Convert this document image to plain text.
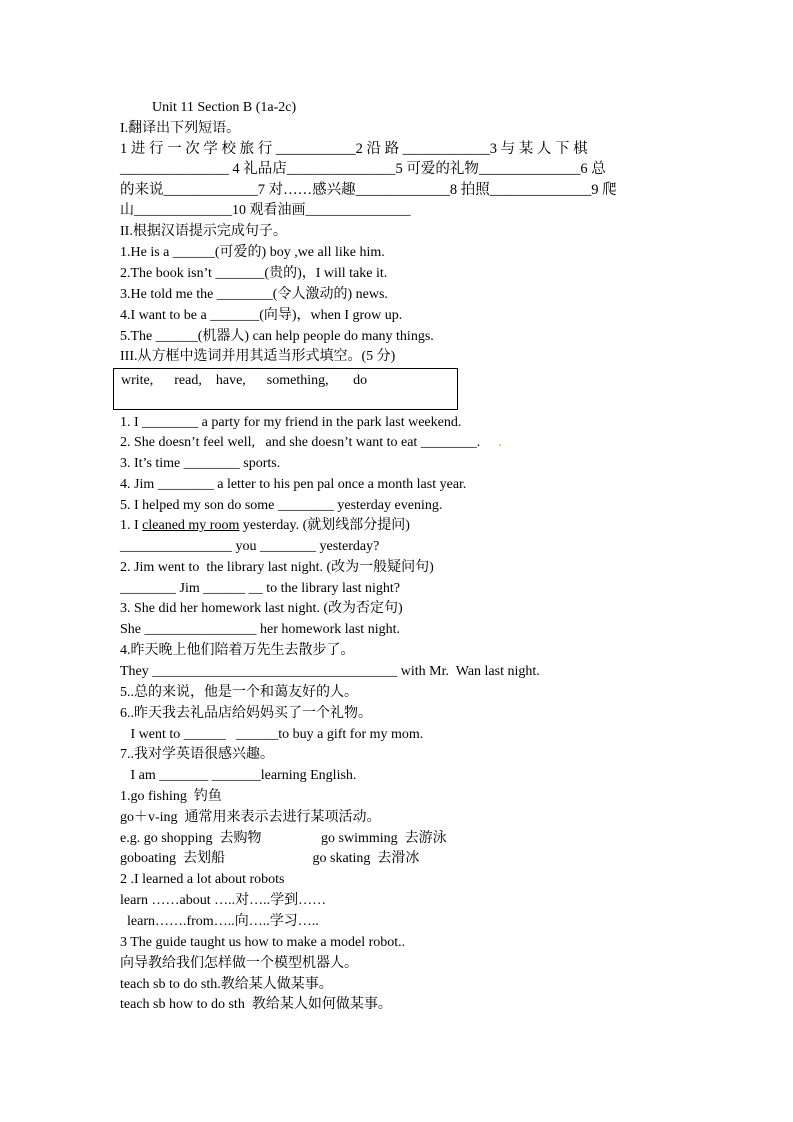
Unit 11 Section B (1a-2c)
I.翻译出下列短语。
1 进 行 一 次 学 校 旅 行 ___________2 沿 路 ____________3 与 某 人 下 棋
_______________ 4 礼品店_______________5 可爱的礼物______________6 总
的来说_____________7 对……感兴趣_____________8 拍照______________9 爬
山______________10 观看油画_______________
II.根据汉语提示完成句子。
1.He is a ______(可爱的) boy ,we all like him.
2.The book isn’t _______(贵的)，I will take it.
3.He told me the ________(令人激动的) news.
4.I want to be a _______(向导)，when I grow up.
5.The ______(机器人) can help people do many things.
III.从方框中选词并用其适当形式填空。(5 分)
write,      read,    have,      something,       do
1. I ________ a party for my friend in the park last weekend.
2. She doesn’t feel well,   and she doesn’t want to eat ________. .
3. It’s time ________ sports.
4. Jim ________ a letter to his pen pal once a month last year.
5. I helped my son do some ________ yesterday evening.
1. I cleaned my room yesterday. (就划线部分提问)
________________ you ________ yesterday?
2. Jim went to  the library last night. (改为一般疑问句)
________ Jim ______ __ to the library last night?
3. She did her homework last night. (改为否定句)
She ________________ her homework last night.
4.昨天晚上他们陪着万先生去散步了。
They ___________________________________ with Mr.  Wan last night.
5..总的来说，他是一个和蔼友好的人。
6..昨天我去礼品店给妈妈买了一个礼物。
I went to ______   ______to buy a gift for my mom.
7..我对学英语很感兴趣。
I am _______ _______learning English.
1.go fishing  钓鱼
go＋v-ing  通常用来表示去进行某项活动。
e.g. go shopping  去购物                 go swimming  去游泳
goboating  去划船                         go skating  去滑冰
2 .I learned a lot about robots
learn ……about …..对…..学到……
learn…….from…..向…..学习…..
3 The guide taught us how to make a model robot..
向导教给我们怎样做一个模型机器人。
teach sb to do sth.教给某人做某事。
teach sb how to do sth  教给某人如何做某事。
